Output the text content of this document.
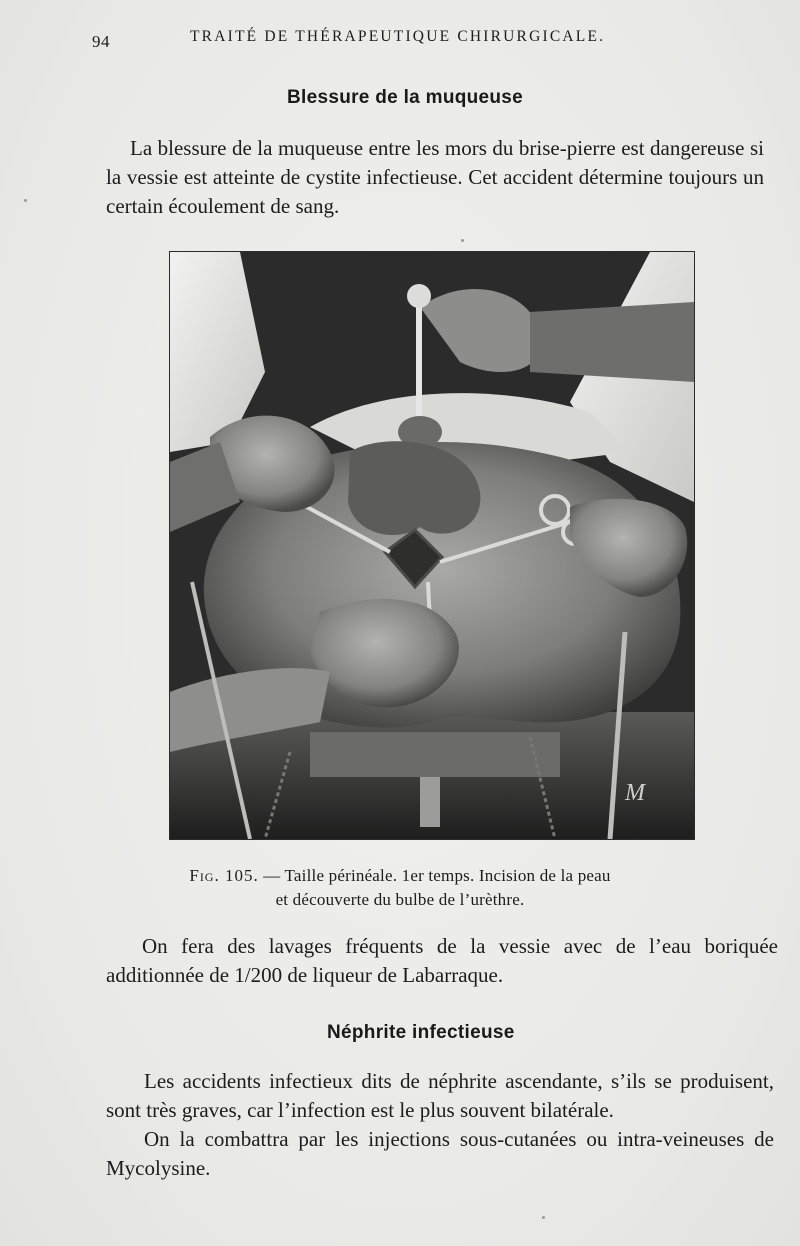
94	TRAITÉ DE THÉRAPEUTIQUE CHIRURGICALE.
Blessure de la muqueuse

La blessure de la muqueuse entre les mors du brise-pierre est dangereuse si la vessie est atteinte de cystite infectieuse. Cet accident détermine toujours un certain écoulement de sang.

M
Fig. 105. — Taille périnéale. 1er temps. Incision de la peau
et découverte du bulbe de l’urèthre.

On fera des lavages fréquents de la vessie avec de l’eau boriquée additionnée de 1/200 de liqueur de Labarraque.

Néphrite infectieuse

Les accidents infectieux dits de néphrite ascendante, s’ils se produisent, sont très graves, car l’infection est le plus souvent bilatérale.

On la combattra par les injections sous-cutanées ou intra-veineuses de Mycolysine.
